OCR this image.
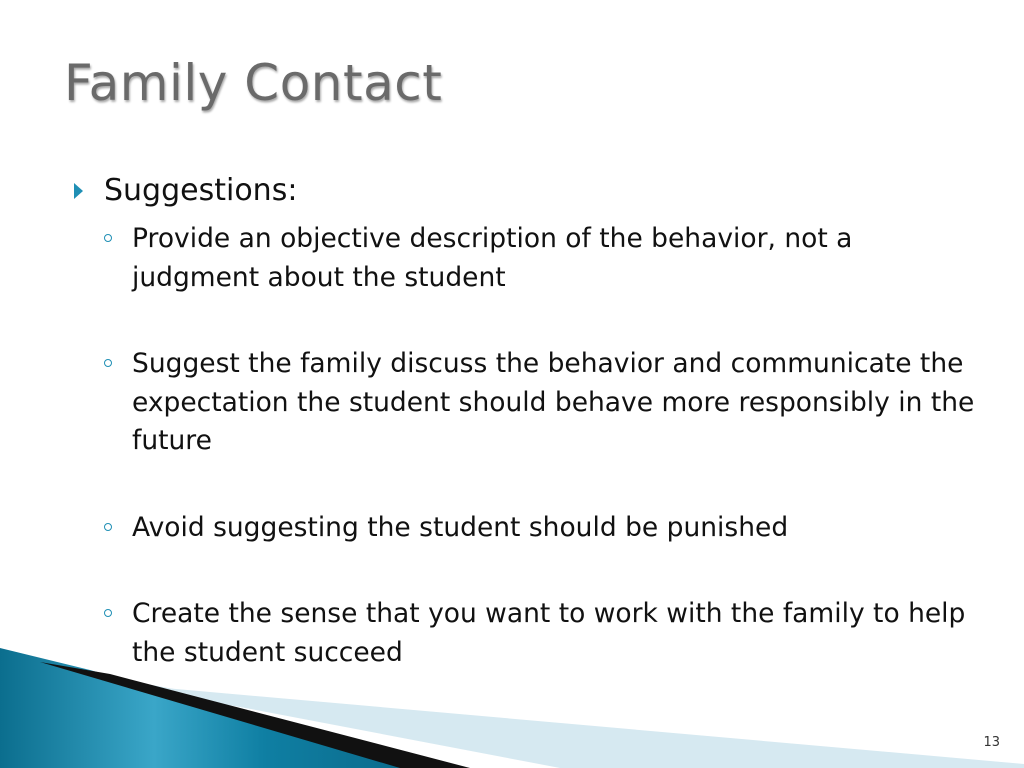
Family Contact
Suggestions:
Provide an objective description of the behavior, not a judgment about the student
Suggest the family discuss the behavior and communicate the expectation the student should behave more responsibly in the future
Avoid suggesting the student should be punished
Create the sense that you want to work with the family to help the student succeed
13
